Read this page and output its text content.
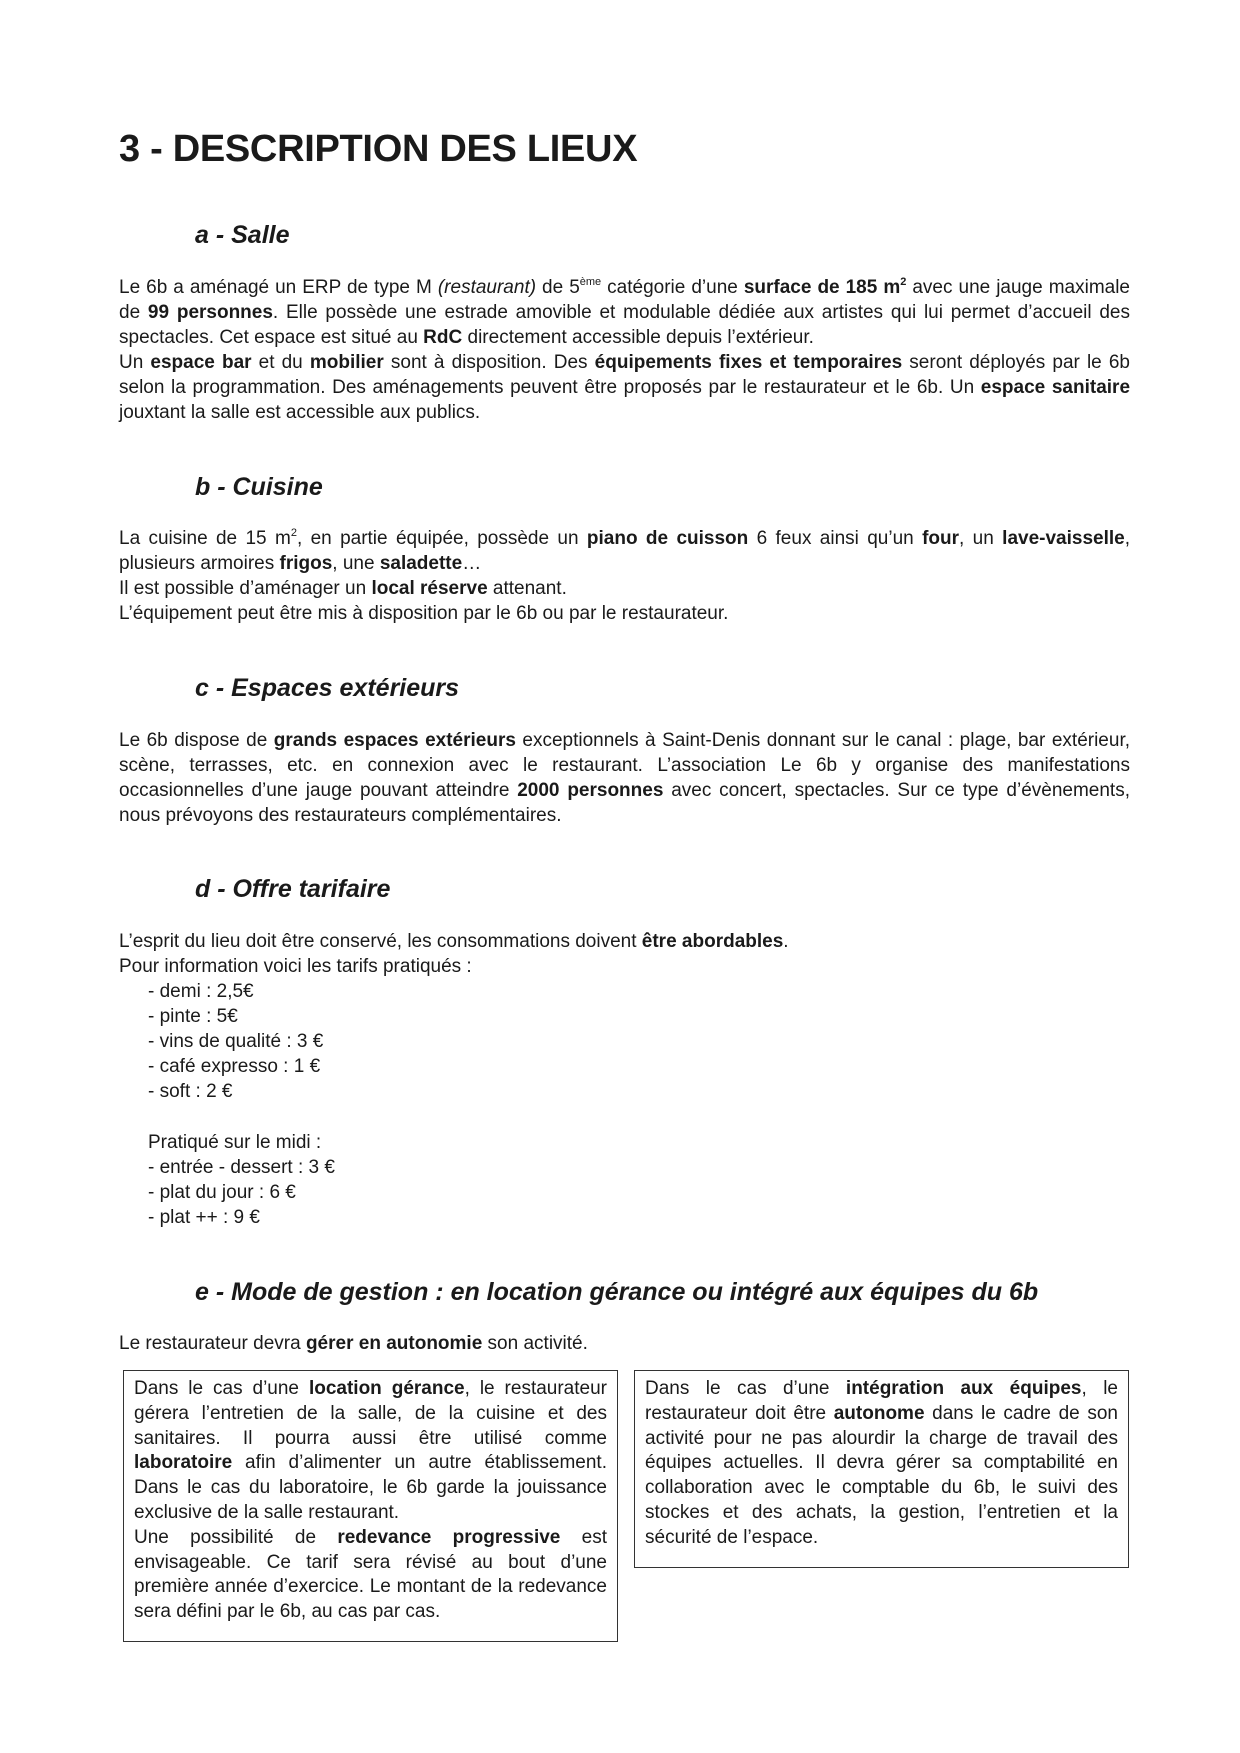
3 - DESCRIPTION DES LIEUX
a - Salle

Le 6b a aménagé un ERP de type M (restaurant) de 5ème catégorie d’une surface de 185 $m^2$ avec une jauge maximale de 99 personnes. Elle possède une estrade amovible et modulable dédiée aux artistes qui lui permet d’accueil des spectacles. Cet espace est situé au RdC directement accessible depuis l’extérieur.

Un espace bar et du mobilier sont à disposition. Des équipements fixes et temporaires seront déployés par le 6b selon la programmation. Des aménagements peuvent être proposés par le restaurateur et le 6b. Un espace sanitaire jouxtant la salle est accessible aux publics.

b - Cuisine

La cuisine de 15 $m^2$, en partie équipée, possède un piano de cuisson 6 feux ainsi qu’un four, un lave-vaisselle, plusieurs armoires frigos, une saladette…

Il est possible d’aménager un local réserve attenant.

L’équipement peut être mis à disposition par le 6b ou par le restaurateur.

c - Espaces extérieurs

Le 6b dispose de grands espaces extérieurs exceptionnels à Saint-Denis donnant sur le canal : plage, bar extérieur, scène, terrasses, etc. en connexion avec le restaurant. L’association Le 6b y organise des manifestations occasionnelles d’une jauge pouvant atteindre 2000 personnes avec concert, spectacles. Sur ce type d’évènements, nous prévoyons des restaurateurs complémentaires.

d - Offre tarifaire

L’esprit du lieu doit être conservé, les consommations doivent être abordables.

Pour information voici les tarifs pratiqués :

- demi : 2,5€
- pinte : 5€
- vins de qualité : 3 €
- café expresso : 1 €
- soft : 2 €
Pratiqué sur le midi :
- entrée - dessert : 3 €
- plat du jour : 6 €
- plat ++ : 9 €
e - Mode de gestion : en location gérance ou intégré aux équipes du 6b

Le restaurateur devra gérer en autonomie son activité.

Dans le cas d’une location gérance, le restaurateur gérera l’entretien de la salle, de la cuisine et des sanitaires. Il pourra aussi être utilisé comme laboratoire afin d’alimenter un autre établissement. Dans le cas du laboratoire, le 6b garde la jouissance exclusive de la salle restaurant.
Une possibilité de redevance progressive est envisageable. Ce tarif sera révisé au bout d’une première année d’exercice. Le montant de la redevance sera défini par le 6b, au cas par cas.
Dans le cas d’une intégration aux équipes, le restaurateur doit être autonome dans le cadre de son activité pour ne pas alourdir la charge de travail des équipes actuelles. Il devra gérer sa comptabilité en collaboration avec le comptable du 6b, le suivi des stockes et des achats, la gestion, l’entretien et la sécurité de l’espace.
